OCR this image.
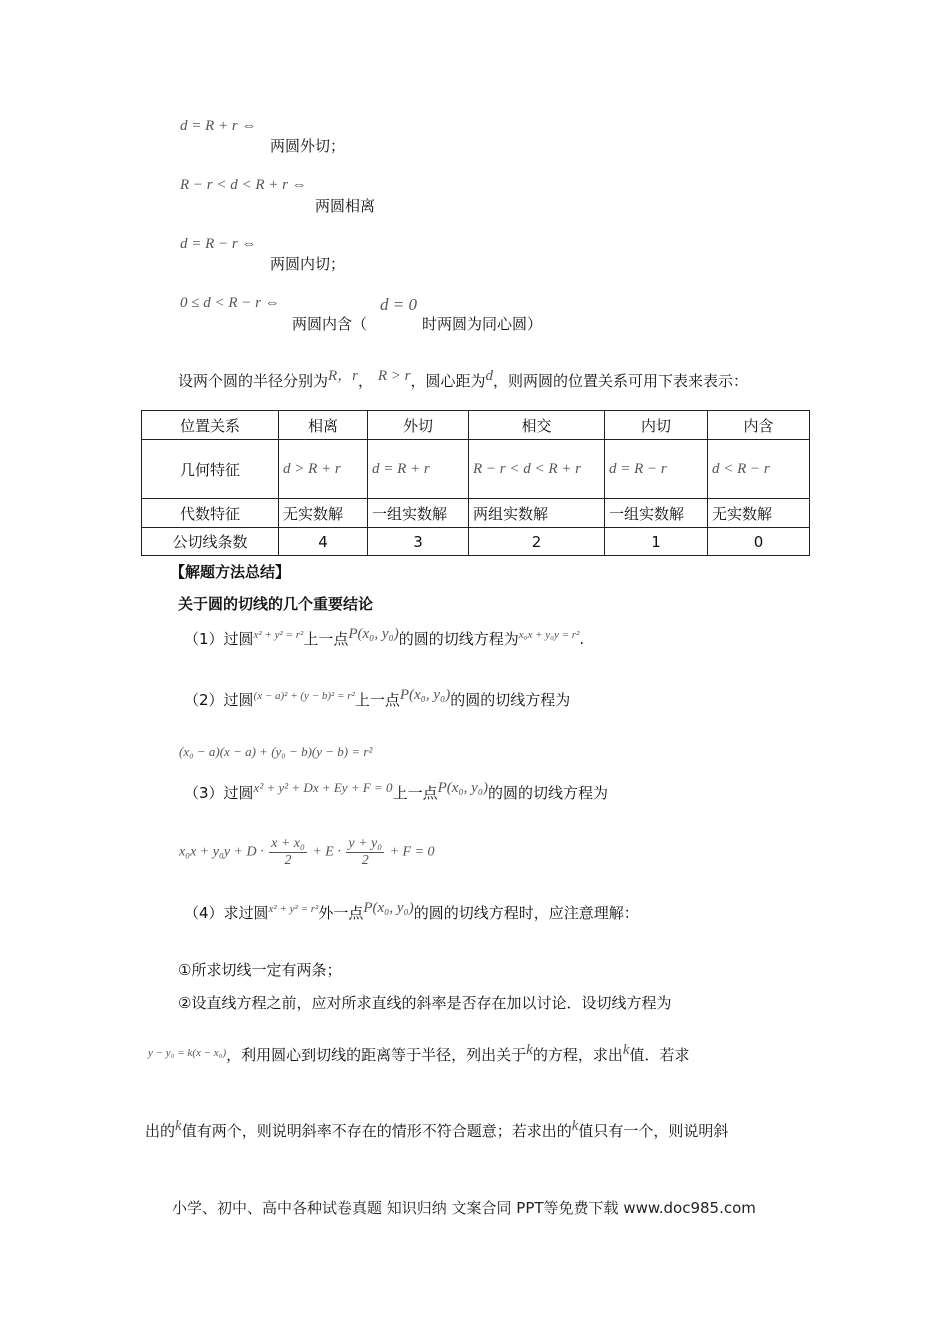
d = R + r ⇔
两圆外切；
R − r < d < R + r ⇔
两圆相离
d = R − r ⇔
两圆内切；
0 ≤ d < R − r ⇔
两圆内含（
d = 0
时两圆为同心圆）
设两个圆的半径分别为R，r， R > r，圆心距为d，则两圆的位置关系可用下表来表示：
位置关系	相离	外切	相交	内切	内含
几何特征	d > R + r	d = R + r	R − r < d < R + r	d = R − r	d < R − r
代数特征	无实数解	一组实数解	两组实数解	一组实数解	无实数解
公切线条数	4	3	2	1	0
【解题方法总结】
关于圆的切线的几个重要结论
（1）过圆$^{x^2 + y^2 = r^2}$上一点P(x₀, y₀)的圆的切线方程为$^{x_0x + y_0y = r^2}$.
（2）过圆$^{(x - a)^2 + (y - b)^2 = r^2}$上一点P(x₀, y₀)的圆的切线方程为
(x₀ − a)(x − a) + (y₀ − b)(y − b) = r²
（3）过圆x² + y² + Dx + Ey + F = 0上一点P(x₀, y₀)的圆的切线方程为
$x_0x + y_0y + D \cdot \frac{\text{x + x₀}}{2} + E \cdot \frac{\text{y + y₀}}{2} + F = 0$
（4）求过圆$^{x^2 + y^2 = r^2}$外一点P(x₀, y₀)的圆的切线方程时，应注意理解：
①所求切线一定有两条；
②设直线方程之前，应对所求直线的斜率是否存在加以讨论．设切线方程为
$^{y - y_0 = k(x - x_0)}$，利用圆心到切线的距离等于半径，列出关于k的方程，求出k值．若求
出的k值有两个，则说明斜率不存在的情形不符合题意；若求出的k值只有一个，则说明斜
小学、初中、高中各种试卷真题 知识归纳 文案合同 PPT等免费下载 www.doc985.com
